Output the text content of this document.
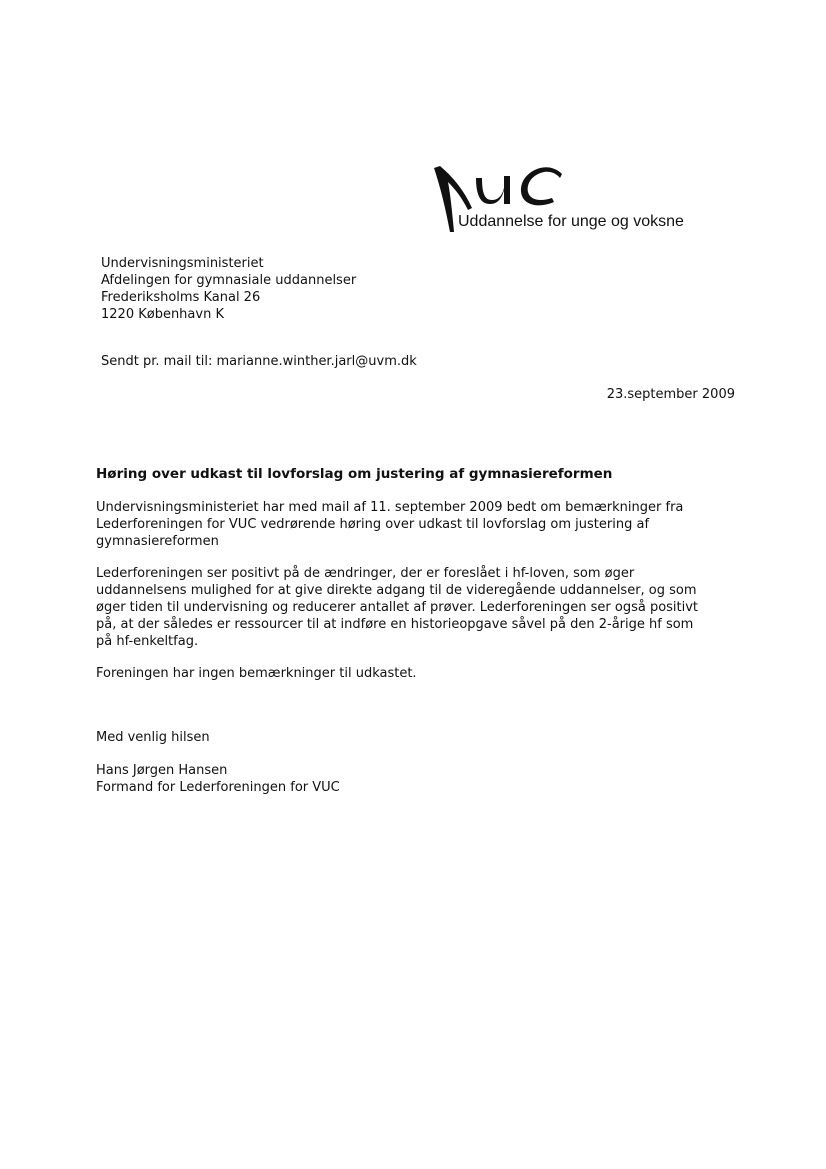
Uddannelse for unge og voksne
Undervisningsministeriet
Afdelingen for gymnasiale uddannelser
Frederiksholms Kanal 26
1220 København K
Sendt pr. mail til: marianne.winther.jarl@uvm.dk
23.september 2009
Høring over udkast til lovforslag om justering af gymnasiereformen
Undervisningsministeriet har med mail af 11. september 2009 bedt om bemærkninger fra
Lederforeningen for VUC vedrørende høring over udkast til lovforslag om justering af
gymnasiereformen
Lederforeningen ser positivt på de ændringer, der er foreslået i hf-loven, som øger
uddannelsens mulighed for at give direkte adgang til de videregående uddannelser, og som
øger tiden til undervisning og reducerer antallet af prøver. Lederforeningen ser også positivt
på, at der således er ressourcer til at indføre en historieopgave såvel på den 2-årige hf som
på hf-enkeltfag.
Foreningen har ingen bemærkninger til udkastet.
Med venlig hilsen
Hans Jørgen Hansen
Formand for Lederforeningen for VUC
